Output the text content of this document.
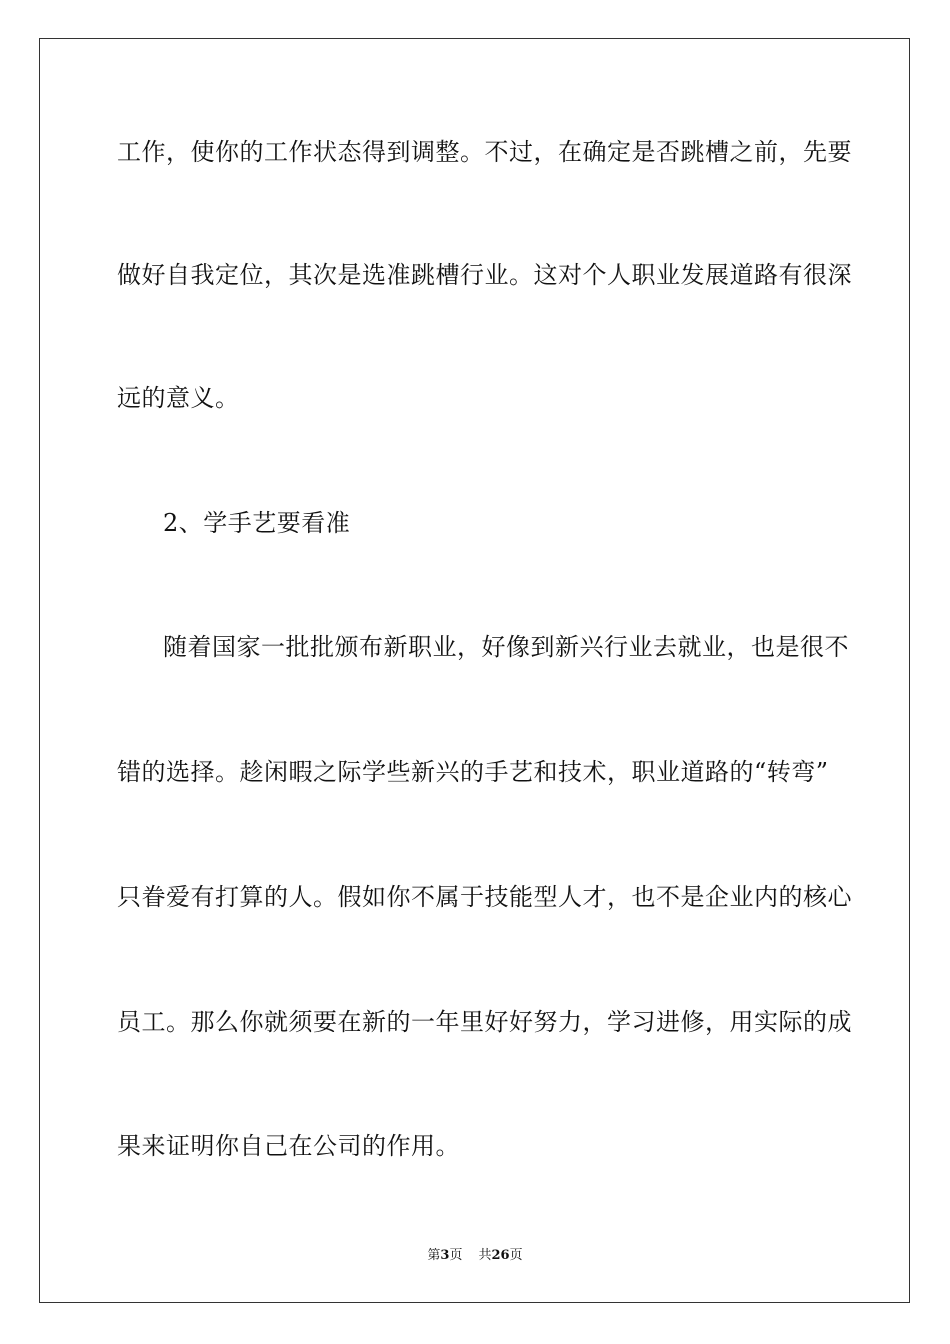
工作，使你的工作状态得到调整。不过，在确定是否跳槽之前，先要
做好自我定位，其次是选准跳槽行业。这对个人职业发展道路有很深
远的意义。
2、学手艺要看准
随着国家一批批颁布新职业，好像到新兴行业去就业，也是很不
错的选择。趁闲暇之际学些新兴的手艺和技术，职业道路的“转弯”
只眷爱有打算的人。假如你不属于技能型人才，也不是企业内的核心
员工。那么你就须要在新的一年里好好努力，学习进修，用实际的成
果来证明你自己在公司的作用。
第3页 共26页
